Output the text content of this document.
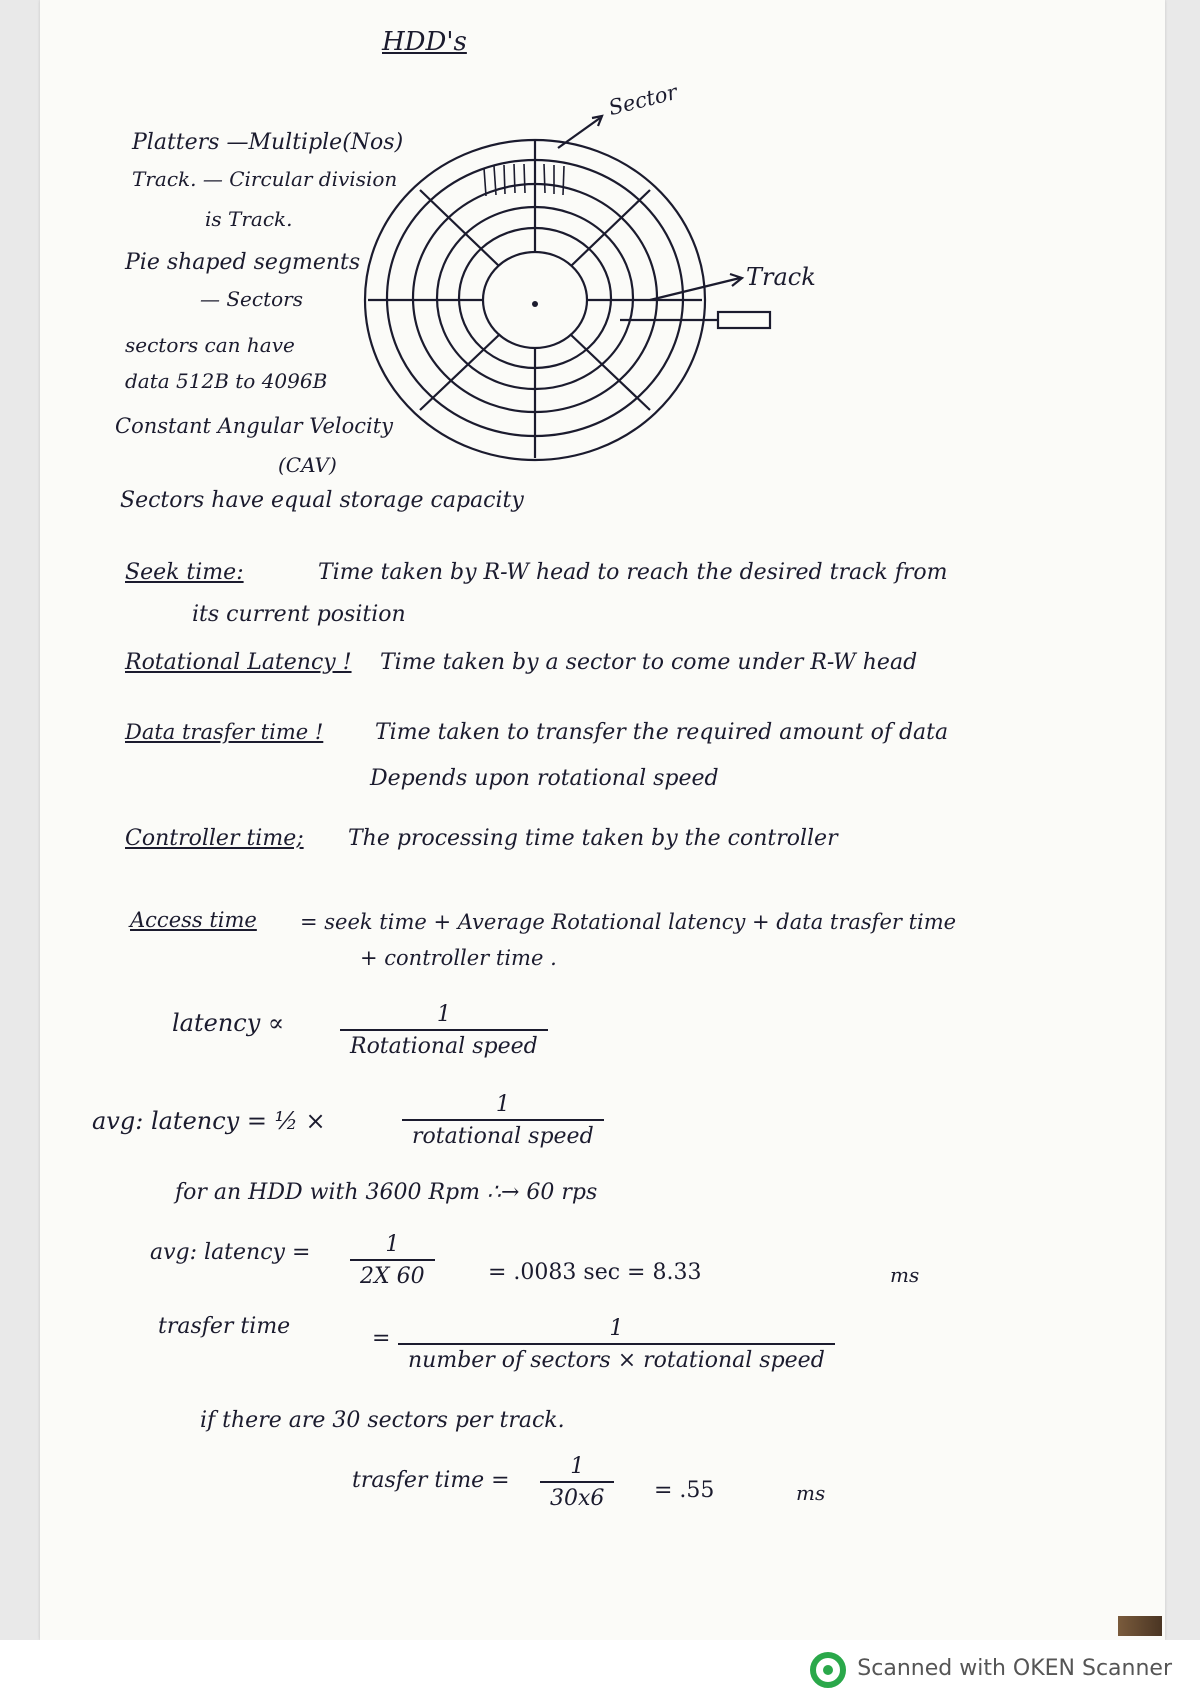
HDD's
Platters —Multiple(Nos)
Track. — Circular division
is Track.
Pie shaped segments
— Sectors
sectors can have
data 512B to 4096B
Constant Angular Velocity
(CAV)
Sectors have equal storage capacity
Sector
Track
Seek time:	Time taken by R-W head to reach the desired track from
its current position
Rotational Latency ! Time taken by a sector to come under R-W head
Data trasfer time ! Time taken to transfer the required amount of data
Depends upon rotational speed
Controller time; The processing time taken by the controller
Access time = seek time + Average Rotational latency + data trasfer time
+ controller time .
latency ∝	1
Rotational speed
avg: latency = ½ ×
1
rotational speed
for an HDD with 3600 Rpm ∴→ 60 rps
avg: latency = $\frac{1}{2X 60} = .0083$ sec = 8.33	ms
trasfer time	=	1
number of sectors × rotational speed
if there are 30 sectors per track.
trasfer time = $\frac{1}{30x6} = .55$	ms
Scanned with OKEN Scanner
